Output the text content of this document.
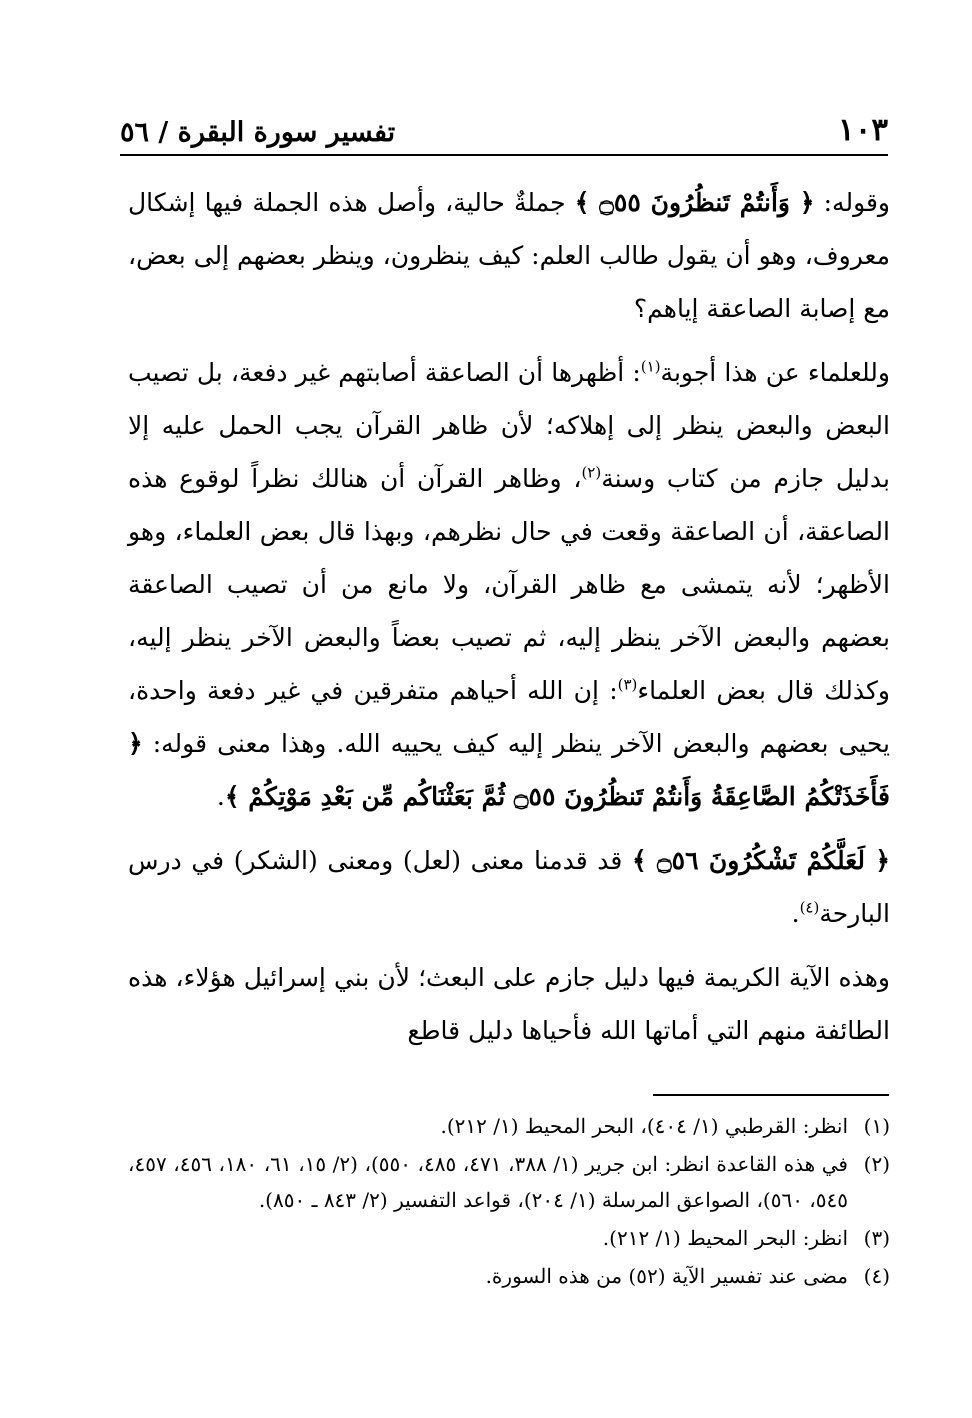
تفسير سورة البقرة / ٥٦	١٠٣

وقوله: ﴿ وَأَنتُمْ تَنظُرُونَ ۝٥٥ ﴾ جملةٌ حالية، وأصل هذه الجملة فيها إشكال معروف، وهو أن يقول طالب العلم: كيف ينظرون، وينظر بعضهم إلى بعض، مع إصابة الصاعقة إياهم؟

وللعلماء عن هذا أجوبة$^{(١)}$: أظهرها أن الصاعقة أصابتهم غير دفعة، بل تصيب البعض والبعض ينظر إلى إهلاكه؛ لأن ظاهر القرآن يجب الحمل عليه إلا بدليل جازم من كتاب وسنة$^{(٢)}$، وظاهر القرآن أن هنالك نظراً لوقوع هذه الصاعقة، أن الصاعقة وقعت في حال نظرهم، وبهذا قال بعض العلماء، وهو الأظهر؛ لأنه يتمشى مع ظاهر القرآن، ولا مانع من أن تصيب الصاعقة بعضهم والبعض الآخر ينظر إليه، ثم تصيب بعضاً والبعض الآخر ينظر إليه، وكذلك قال بعض العلماء$^{(٣)}$: إن الله أحياهم متفرقين في غير دفعة واحدة، يحيى بعضهم والبعض الآخر ينظر إليه كيف يحييه الله. وهذا معنى قوله: ﴿ فَأَخَذَتْكُمُ الصَّاعِقَةُ وَأَنتُمْ تَنظُرُونَ ۝٥٥ ثُمَّ بَعَثْنَاكُم مِّن بَعْدِ مَوْتِكُمْ ﴾.

﴿ لَعَلَّكُمْ تَشْكُرُونَ ۝٥٦ ﴾ قد قدمنا معنى (لعل) ومعنى (الشكر) في درس البارحة$^{(٤)}$.

وهذه الآية الكريمة فيها دليل جازم على البعث؛ لأن بني إسرائيل هؤلاء، هذه الطائفة منهم التي أماتها الله فأحياها دليل قاطع

(١)
انظر: القرطبي (١/ ٤٠٤)، البحر المحيط (١/ ٢١٢).
(٢)
في هذه القاعدة انظر: ابن جرير (١/ ٣٨٨، ٤٧١، ٤٨٥، ٥٥٠)، (٢/ ١٥، ٦١، ١٨٠، ٤٥٦، ٤٥٧، ٥٤٥، ٥٦٠)، الصواعق المرسلة (١/ ٢٠٤)، قواعد التفسير (٢/ ٨٤٣ ـ ٨٥٠).
(٣)
انظر: البحر المحيط (١/ ٢١٢).
(٤)
مضى عند تفسير الآية (٥٢) من هذه السورة.
